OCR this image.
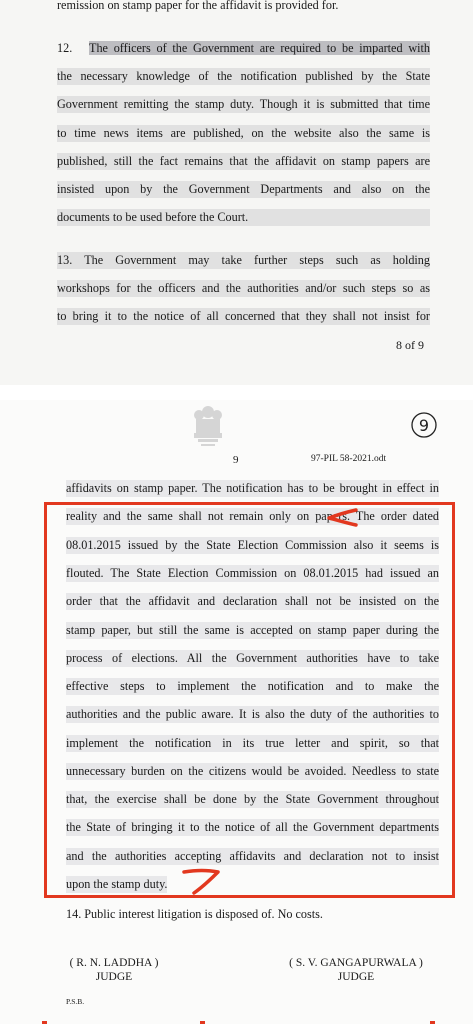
remission on stamp paper for the affidavit is provided for.
12.	The officers of the Government are required to be imparted with
the necessary knowledge of the notification published by the State
Government remitting the stamp duty. Though it is submitted that time
to time news items are published, on the website also the same is
published, still the fact remains that the affidavit on stamp papers are
insisted upon by the Government Departments and also on the
documents to be used before the Court.
13. The Government may take further steps such as holding
workshops for the officers and the authorities and/or such steps so as
to bring it to the notice of all concerned that they shall not insist for
8 of 9
9
9	97-PIL 58-2021.odt
affidavits on stamp paper. The notification has to be brought in effect in
reality and the same shall not remain only on papers. The order dated
08.01.2015 issued by the State Election Commission also it seems is
flouted. The State Election Commission on 08.01.2015 had issued an
order that the affidavit and declaration shall not be insisted on the
stamp paper, but still the same is accepted on stamp paper during the
process of elections. All the Government authorities have to take
effective steps to implement the notification and to make the
authorities and the public aware. It is also the duty of the authorities to
implement the notification in its true letter and spirit, so that
unnecessary burden on the citizens would be avoided. Needless to state
that, the exercise shall be done by the State Government throughout
the State of bringing it to the notice of all the Government departments
and the authorities accepting affidavits and declaration not to insist
upon the stamp duty.
14. Public interest litigation is disposed of. No costs.
( R. N. LADDHA )
JUDGE
( S. V. GANGAPURWALA )
JUDGE
P.S.B.
